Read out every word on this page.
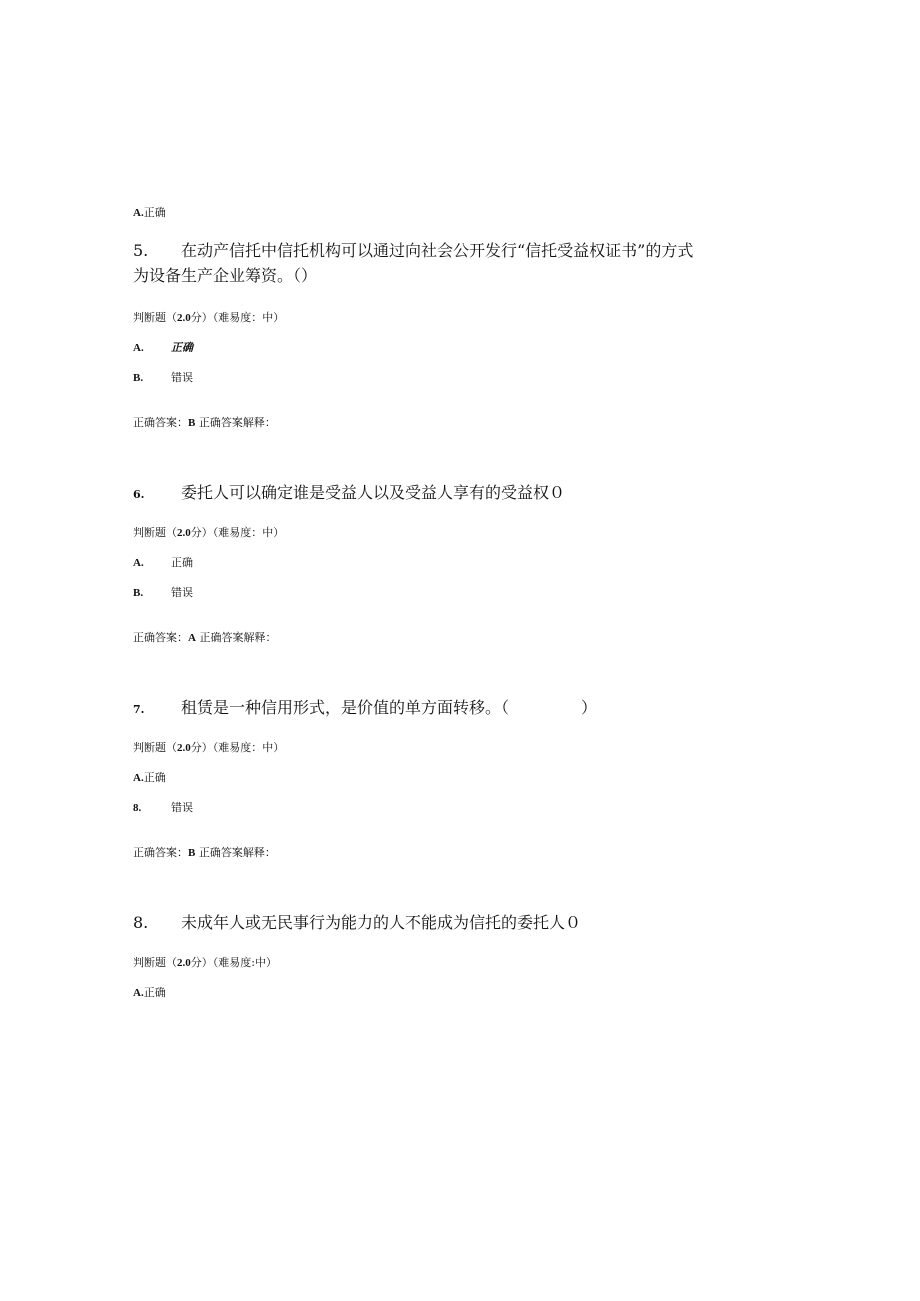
A.正确
5. 在动产信托中信托机构可以通过向社会公开发行“信托受益权证书”的方式
为设备生产企业筹资。（）
判断题（2.0分）（难易度：中）
A. 正确
B.	错误
正确答案：B 正确答案解释：
6. 委托人可以确定谁是受益人以及受益人享有的受益权０
判断题（2.0分）（难易度：中）
A. 正确
B.	错误
正确答案：A 正确答案解释：
7. 租赁是一种信用形式，是价值的单方面转移。（	）
判断题（2.0分）（难易度：中）
A.正确
8.	错误
正确答案：B 正确答案解释：
8. 未成年人或无民事行为能力的人不能成为信托的委托人０
判断题（2.0分）（难易度:中）
A.正确
